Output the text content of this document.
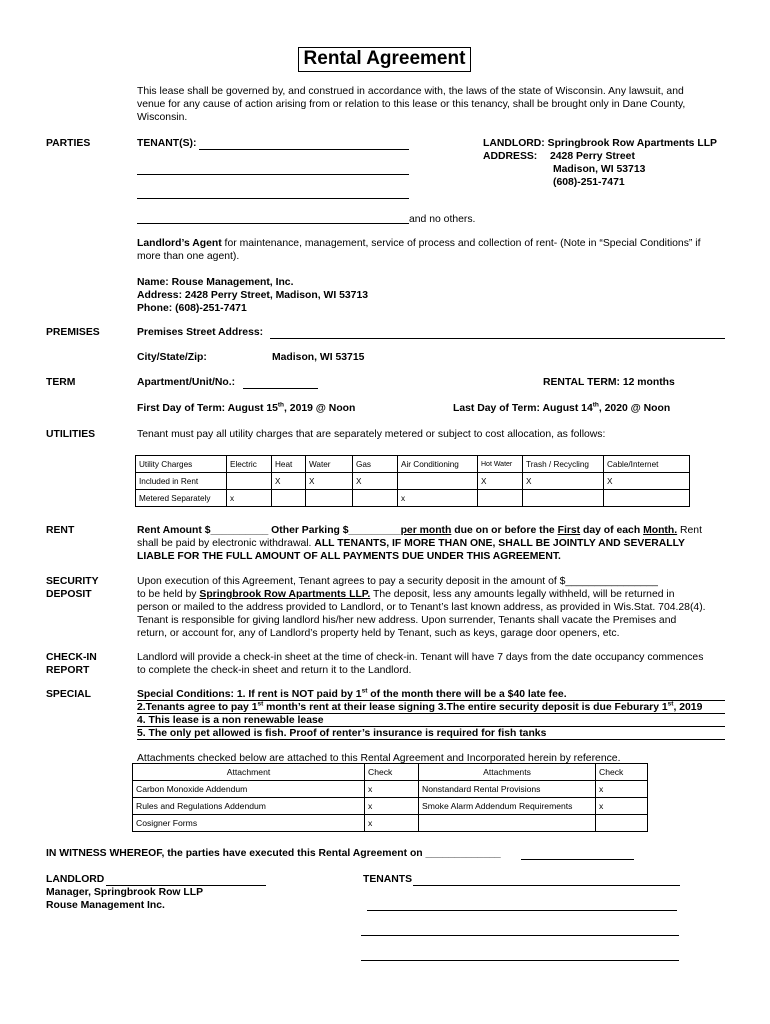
Rental Agreement
This lease shall be governed by, and construed in accordance with, the laws of the state of Wisconsin. Any lawsuit, and
venue for any cause of action arising from or relation to this lease or this tenancy, shall be brought only in Dane County,
Wisconsin.
PARTIES	TENANT(S):
and no others.
LANDLORD: Springbrook Row Apartments LLP
ADDRESS: 2428 Perry Street
Madison, WI 53713
(608)-251-7471
Landlord’s Agent for maintenance, management, service of process and collection of rent- (Note in “Special Conditions” if
more than one agent).
Name: Rouse Management, Inc.
Address: 2428 Perry Street, Madison, WI 53713
Phone: (608)-251-7471
PREMISES	Premises Street Address:
City/State/Zip:	Madison, WI 53715
TERM	Apartment/Unit/No.:	RENTAL TERM: 12 months
First Day of Term: August 15th, 2019 @ Noon	Last Day of Term: August 14th, 2020 @ Noon
UTILITIES	Tenant must pay all utility charges that are separately metered or subject to cost allocation, as follows:
Utility Charges	Electric	Heat	Water	Gas	Air Conditioning	Hot Water	Trash / Recycling	Cable/Internet
Included in Rent		X	X	X		X	X	X
Metered Separately	x				x			
RENT	Rent Amount $__________ Other Parking $_________per month due on or before the First day of each Month. Rent
shall be paid by electronic withdrawal. ALL TENANTS, IF MORE THAN ONE, SHALL BE JOINTLY AND SEVERALLY
LIABLE FOR THE FULL AMOUNT OF ALL PAYMENTS DUE UNDER THIS AGREEMENT.
SECURITY
DEPOSIT
Upon execution of this Agreement, Tenant agrees to pay a security deposit in the amount of $________________
to be held by Springbrook Row Apartments LLP. The deposit, less any amounts legally withheld, will be returned in
person or mailed to the address provided to Landlord, or to Tenant’s last known address, as provided in Wis.Stat. 704.28(4).
Tenant is responsible for giving landlord his/her new address. Upon surrender, Tenants shall vacate the Premises and
return, or account for, any of Landlord’s property held by Tenant, such as keys, garage door openers, etc.
CHECK-IN
REPORT
Landlord will provide a check-in sheet at the time of check-in. Tenant will have 7 days from the date occupancy commences
to complete the check-in sheet and return it to the Landlord.
SPECIAL	Special Conditions: 1. If rent is NOT paid by 1st of the month there will be a $40 late fee.
2.Tenants agree to pay 1st month’s rent at their lease signing 3.The entire security deposit is due Feburary 1st, 2019
4. This lease is a non renewable lease
5. The only pet allowed is fish. Proof of renter’s insurance is required for fish tanks
Attachments checked below are attached to this Rental Agreement and Incorporated herein by reference.
Attachment	Check	Attachments	Check
Carbon Monoxide Addendum	x	Nonstandard Rental Provisions	x
Rules and Regulations Addendum	x	Smoke Alarm Addendum Requirements	x
Cosigner Forms	x		
IN WITNESS WHEREOF, the parties have executed this Rental Agreement on _____________
LANDLORD
Manager, Springbrook Row LLP
Rouse Management Inc.
TENANTS
